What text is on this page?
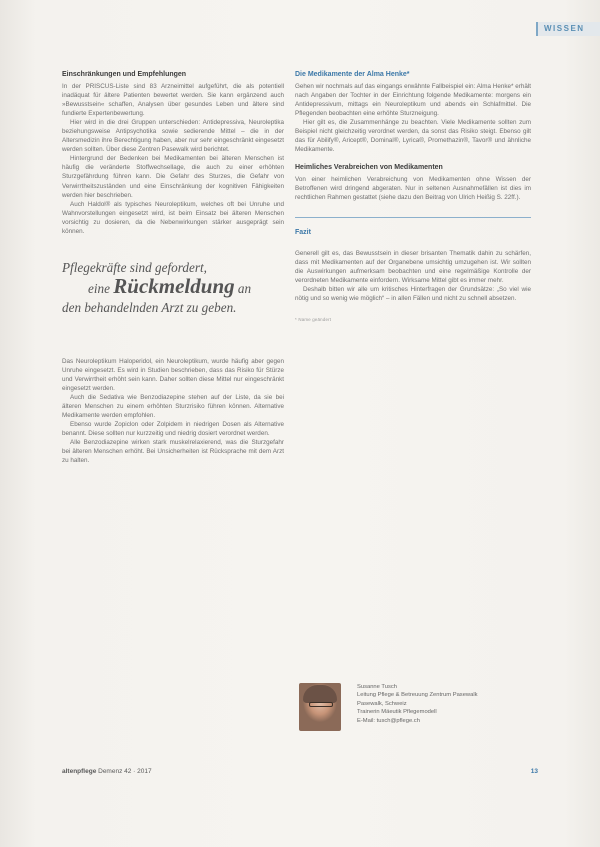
WISSEN
Einschränkungen und Empfehlungen

In der PRISCUS-Liste sind 83 Arzneimittel aufgeführt, die als potentiell inadäquat für ältere Patienten bewertet werden. Sie kann ergänzend auch »Bewusstsein« schaffen, Analysen über gesundes Leben und ältere sind fundierte Expertenbewertung.

Hier wird in die drei Gruppen unterschieden: Antidepressiva, Neuroleptika beziehungsweise Antipsychotika sowie sedierende Mittel – die in der Altersmedizin ihre Berechtigung haben, aber nur sehr eingeschränkt eingesetzt werden sollten. Über diese Zentren Pasewalk wird berichtet.

Hintergrund der Bedenken bei Medikamenten bei älteren Menschen ist häufig die veränderte Stoffwechsellage, die auch zu einer erhöhten Sturzgefährdung führen kann. Die Gefahr des Sturzes, die Gefahr von Verwirrtheitszuständen und eine Einschränkung der kognitiven Fähigkeiten werden hier beschrieben.

Auch Haldol® als typisches Neuroleptikum, welches oft bei Unruhe und Wahnvorstellungen eingesetzt wird, ist beim Einsatz bei älteren Menschen vorsichtig zu dosieren, da die Nebenwirkungen stärker ausgeprägt sein können.

Pflegekräfte sind gefordert,
eine Rückmeldung an
den behandelnden Arzt zu geben.

Das Neuroleptikum Haloperidol, ein Neuroleptikum, wurde häufig aber gegen Unruhe eingesetzt. Es wird in Studien beschrieben, dass das Risiko für Stürze und Verwirrtheit erhöht sein kann. Daher sollten diese Mittel nur eingeschränkt eingesetzt werden.

Auch die Sedativa wie Benzodiazepine stehen auf der Liste, da sie bei älteren Menschen zu einem erhöhten Sturzrisiko führen können. Alternative Medikamente werden empfohlen.

Ebenso wurde Zopiclon oder Zolpidem in niedrigen Dosen als Alternative benannt. Diese sollten nur kurzzeitig und niedrig dosiert verordnet werden.

Alle Benzodiazepine wirken stark muskelrelaxierend, was die Sturzgefahr bei älteren Menschen erhöht. Bei Unsicherheiten ist Rücksprache mit dem Arzt zu halten.

Die Medikamente der Alma Henke*

Gehen wir nochmals auf das eingangs erwähnte Fallbeispiel ein: Alma Henke* erhält nach Angaben der Tochter in der Einrichtung folgende Medikamente: morgens ein Antidepressivum, mittags ein Neuroleptikum und abends ein Schlafmittel. Die Pflegenden beobachten eine erhöhte Sturzneigung.

Hier gilt es, die Zusammenhänge zu beachten. Viele Medikamente sollten zum Beispiel nicht gleichzeitig verordnet werden, da sonst das Risiko steigt. Ebenso gilt das für Abilify®, Aricept®, Dominal®, Lyrica®, Promethazin®, Tavor® und ähnliche Medikamente.

Heimliches Verabreichen von Medikamenten

Von einer heimlichen Verabreichung von Medikamenten ohne Wissen der Betroffenen wird dringend abgeraten. Nur in seltenen Ausnahmefällen ist dies im rechtlichen Rahmen gestattet (siehe dazu den Beitrag von Ulrich Heißig S. 22ff.).

Fazit

Generell gilt es, das Bewusstsein in dieser brisanten Thematik dahin zu schärfen, dass mit Medikamenten auf der Organebene umsichtig umzugehen ist. Wir sollten die Auswirkungen aufmerksam beobachten und eine regelmäßige Kontrolle der verordneten Medikamente einfordern. Wirksame Mittel gibt es immer mehr.

Deshalb bitten wir alle um kritisches Hinterfragen der Grundsätze: „So viel wie nötig und so wenig wie möglich“ – in allen Fällen und nicht zu schnell absetzen.

* Name geändert

Susanne Tusch
Leitung Pflege & Betreuung Zentrum Pasewalk
Pasewalk, Schweiz
Trainerin Mäeutik Pflegemodell
E-Mail: tusch@pflege.ch
altenpflege Demenz 42 · 2017	13
